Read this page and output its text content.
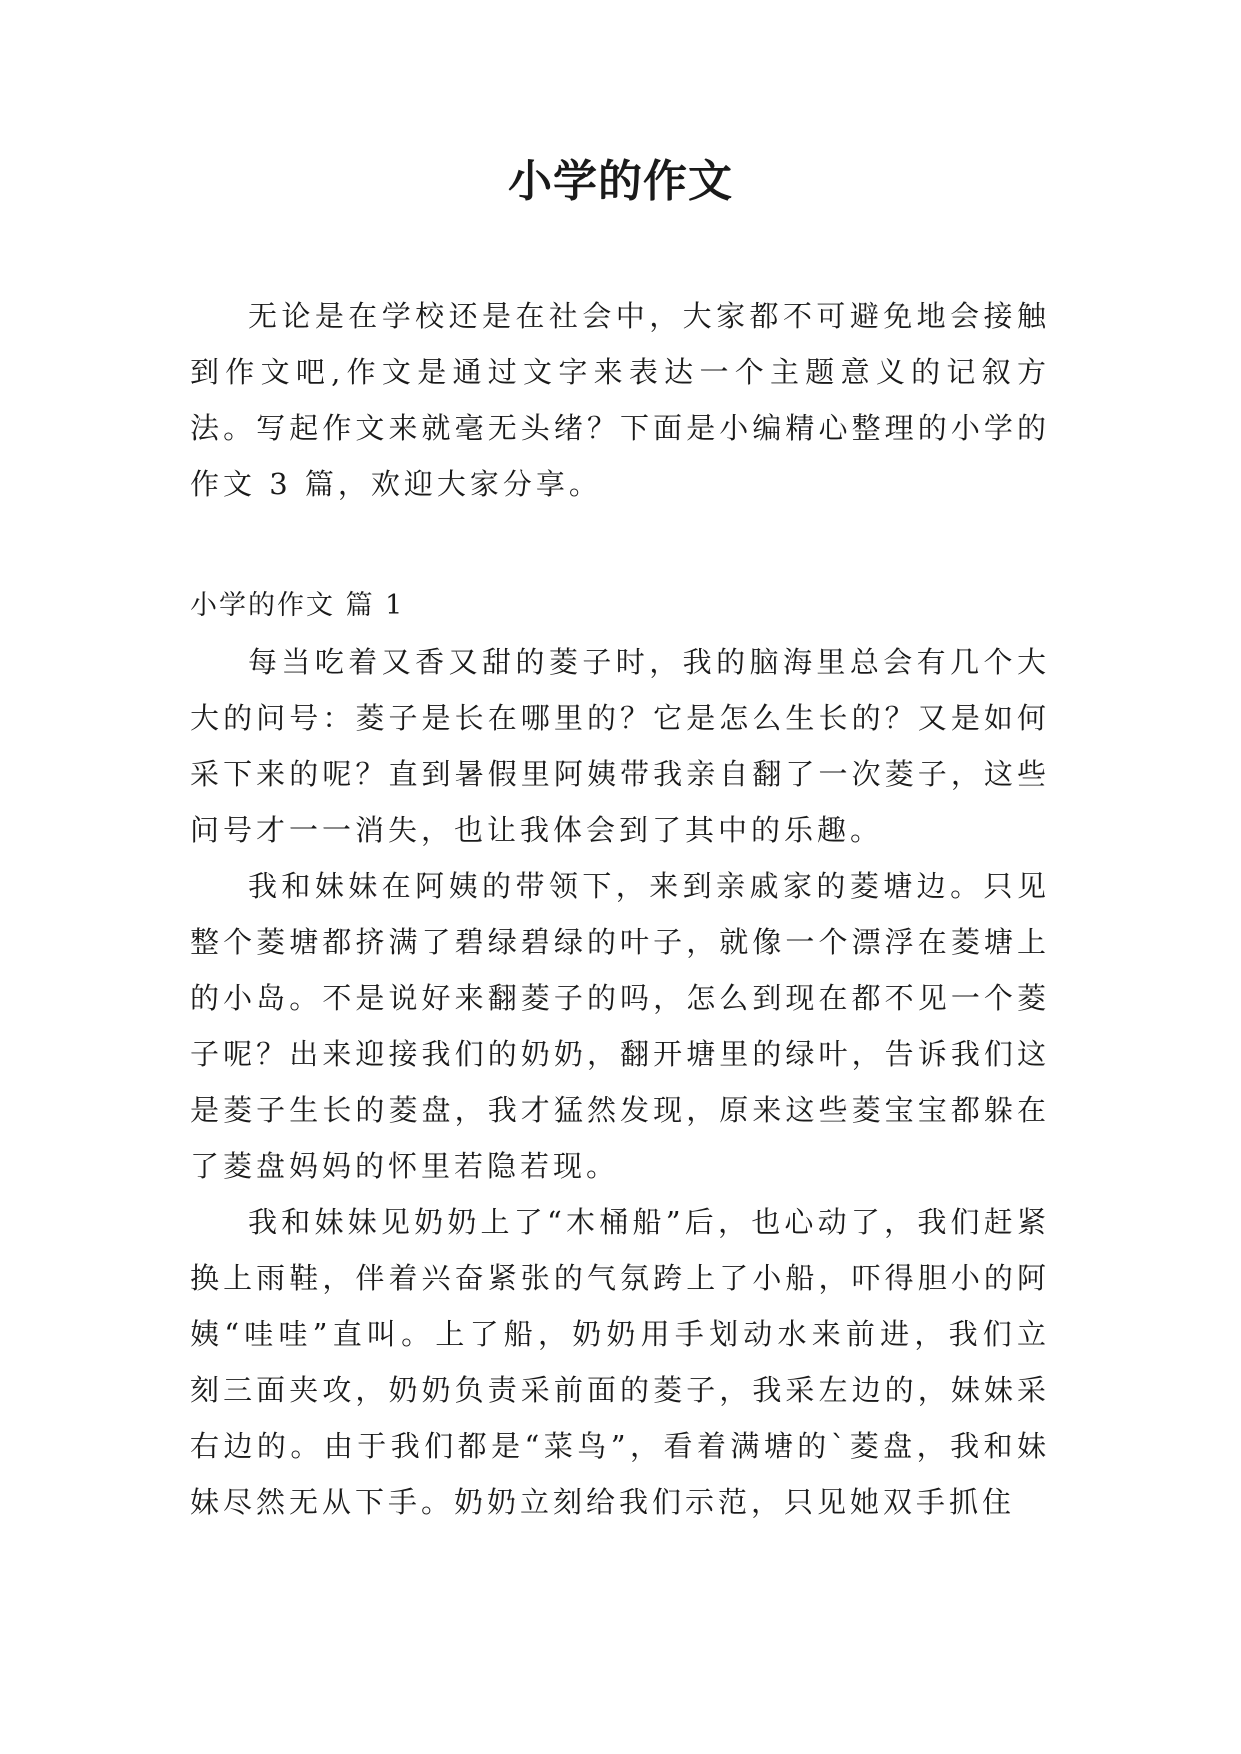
小学的作文

无论是在学校还是在社会中，大家都不可避免地会接触到作文吧,作文是通过文字来表达一个主题意义的记叙方法。写起作文来就毫无头绪？下面是小编精心整理的小学的作文 3 篇，欢迎大家分享。

小学的作文 篇 1

每当吃着又香又甜的菱子时，我的脑海里总会有几个大大的问号：菱子是长在哪里的？它是怎么生长的？又是如何采下来的呢？直到暑假里阿姨带我亲自翻了一次菱子，这些问号才一一消失，也让我体会到了其中的乐趣。

我和妹妹在阿姨的带领下，来到亲戚家的菱塘边。只见整个菱塘都挤满了碧绿碧绿的叶子，就像一个漂浮在菱塘上的小岛。不是说好来翻菱子的吗，怎么到现在都不见一个菱子呢？出来迎接我们的奶奶，翻开塘里的绿叶，告诉我们这是菱子生长的菱盘，我才猛然发现，原来这些菱宝宝都躲在了菱盘妈妈的怀里若隐若现。

我和妹妹见奶奶上了“木桶船”后，也心动了，我们赶紧换上雨鞋，伴着兴奋紧张的气氛跨上了小船，吓得胆小的阿姨“哇哇”直叫。上了船，奶奶用手划动水来前进，我们立刻三面夹攻，奶奶负责采前面的菱子，我采左边的，妹妹采右边的。由于我们都是“菜鸟”，看着满塘的`菱盘，我和妹妹尽然无从下手。奶奶立刻给我们示范，只见她双手抓住
